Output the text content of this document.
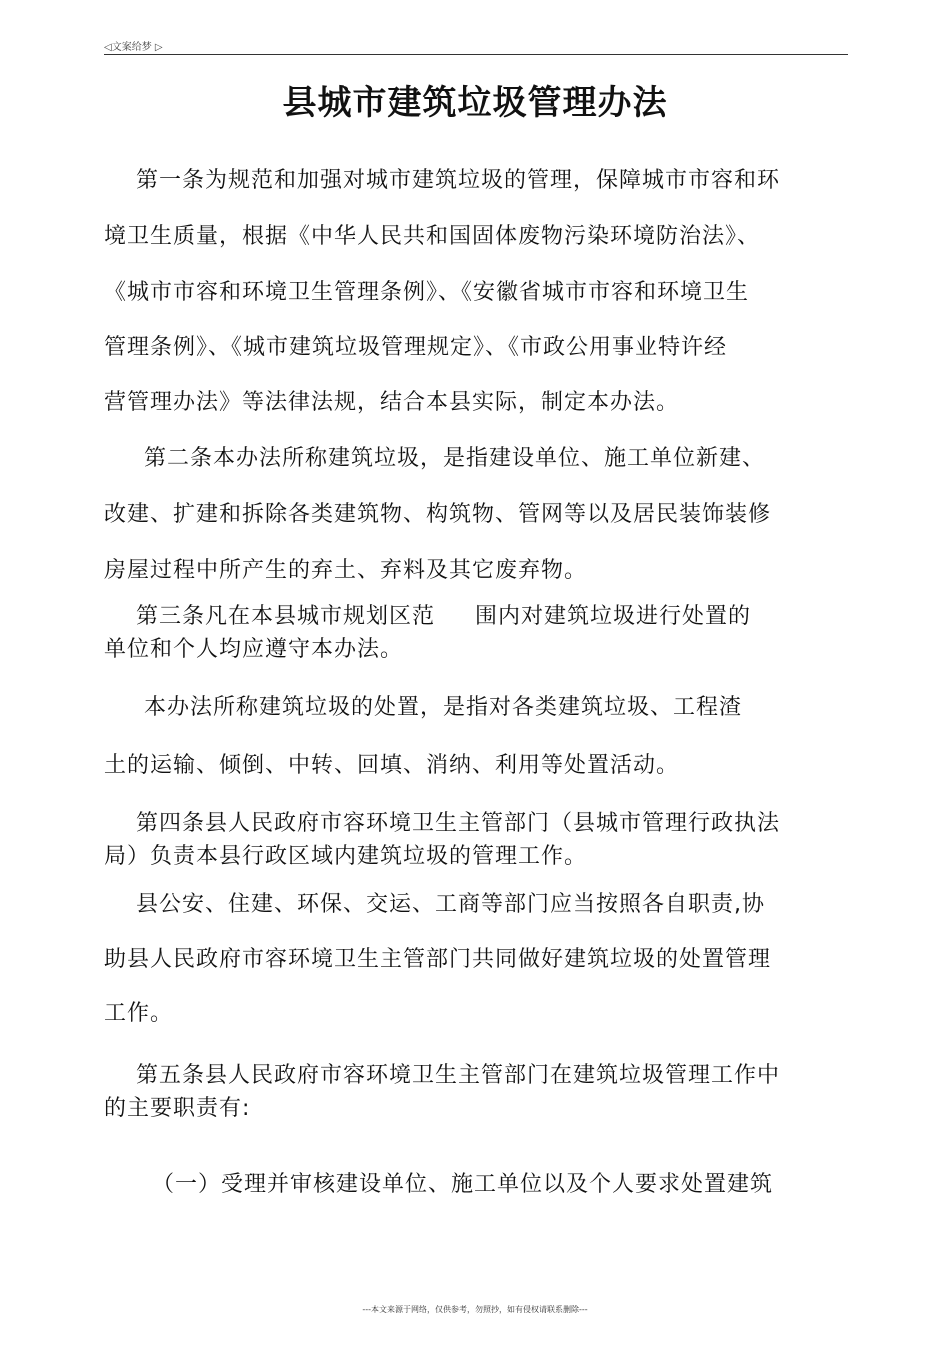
◁文案给梦 ▷
县城市建筑垃圾管理办法
第一条为规范和加强对城市建筑垃圾的管理，保障城市市容和环
境卫生质量，根据《中华人民共和国固体废物污染环境防治法》、
《城市市容和环境卫生管理条例》、《安徽省城市市容和环境卫生
管理条例》、《城市建筑垃圾管理规定》、《市政公用事业特许经
营管理办法》等法律法规，结合本县实际，制定本办法。
第二条本办法所称建筑垃圾，是指建设单位、施工单位新建、
改建、扩建和拆除各类建筑物、构筑物、管网等以及居民装饰装修
房屋过程中所产生的弃土、弃料及其它废弃物。
第三条凡在本县城市规划区范     围内对建筑垃圾进行处置的
单位和个人均应遵守本办法。
本办法所称建筑垃圾的处置，是指对各类建筑垃圾、工程渣
土的运输、倾倒、中转、回填、消纳、利用等处置活动。
第四条县人民政府市容环境卫生主管部门（县城市管理行政执法
局）负责本县行政区域内建筑垃圾的管理工作。
县公安、住建、环保、交运、工商等部门应当按照各自职责,协
助县人民政府市容环境卫生主管部门共同做好建筑垃圾的处置管理
工作。
第五条县人民政府市容环境卫生主管部门在建筑垃圾管理工作中
的主要职责有:
（一）受理并审核建设单位、施工单位以及个人要求处置建筑
---本文来源于网络，仅供参考，勿照抄，如有侵权请联系删除---
